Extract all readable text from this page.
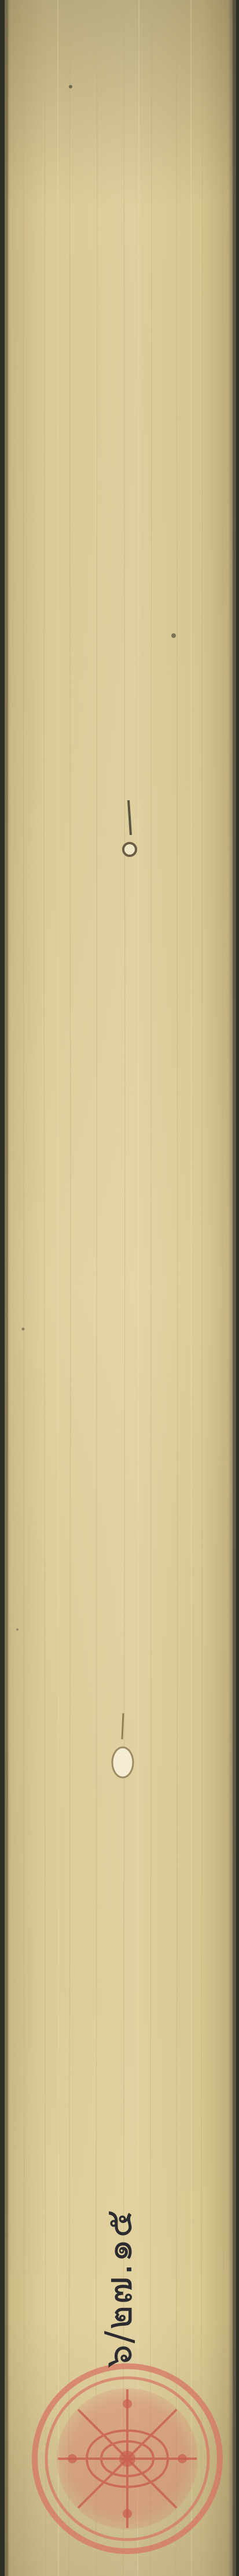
๖/๒๗.๑๕
